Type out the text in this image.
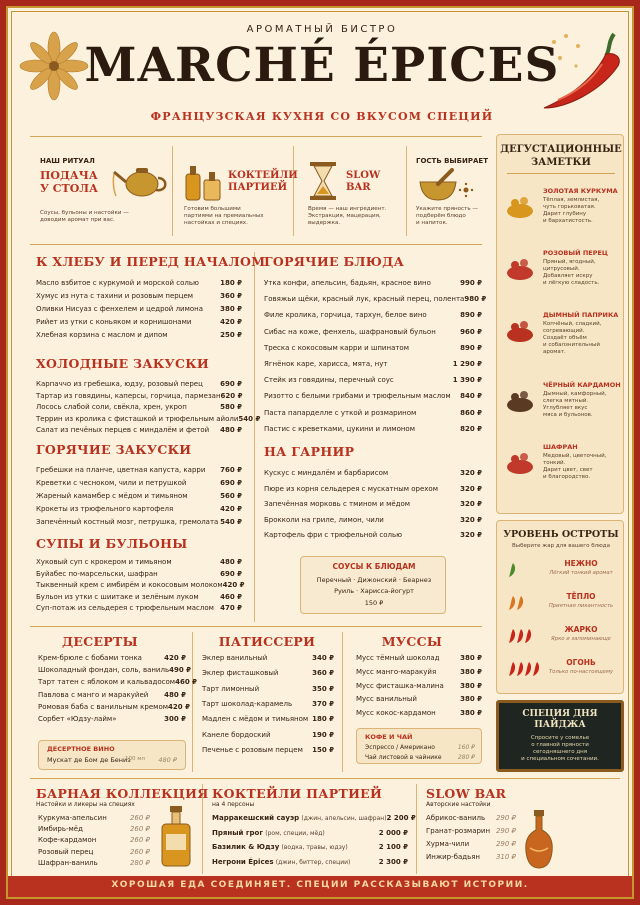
АРОМАТНЫЙ БИСТРО
MARCHÉ ÉPICES
ФРАНЦУЗСКАЯ КУХНЯ СО ВКУСОМ СПЕЦИЙ
НАШ РИТУАЛ
ПОДАЧА
У СТОЛА
Соусы, бульоны и настойки —
доводим аромат при вас.
КОКТЕЙЛИ
ПАРТИЕЙ
Готовим большими
партиями на премиальных
настойках и специях.
SLOW
BAR
Время — наш ингредиент.
Экстракция, мацерация,
выдержка.
ГОСТЬ ВЫБИРАЕТ
Укажите пряность —
подберём блюдо
и напиток.
К ХЛЕБУ И ПЕРЕД НАЧАЛОМ
Масло взбитое с куркумой и морской солью	180 ₽
Хумус из нута с тахини и розовым перцем	360 ₽
Оливки Нисуаз с фенхелем и цедрой лимона 380 ₽
Рийет из утки с коньяком и корнишонами	420 ₽
Хлебная корзина с маслом и дипом	250 ₽
ХОЛОДНЫЕ ЗАКУСКИ
Карпаччо из гребешка, юдзу, розовый перец 690 ₽
Тартар из говядины, каперсы, горчица, пармезан 620 ₽
Лосось слабой соли, свёкла, хрен, укроп	580 ₽
Террин из кролика с фисташкой и трюфельным айоли 540 ₽
Салат из печёных перцев с миндалём и фетой 480 ₽
ГОРЯЧИЕ ЗАКУСКИ
Гребешки на планче, цветная капуста, карри 760 ₽
Креветки с чесноком, чили и петрушкой	690 ₽
Жареный камамбер с мёдом и тимьяном	560 ₽
Крокеты из трюфельного картофеля	420 ₽
Запечённый костный мозг, петрушка, гремолата 540 ₽
СУПЫ И БУЛЬОНЫ
Хуковый суп с крокером и тимьяном	480 ₽
Буйабес по-марсельски, шафран	690 ₽
Тыквенный крем с имбирём и кокосовым молоком 420 ₽
Бульон из утки с шиитаке и зелёным луком	460 ₽
Суп-потаж из сельдерея с трюфельным маслом 470 ₽
ГОРЯЧИЕ БЛЮДА
Утка конфи, апельсин, бадьян, красное вино	990 ₽
Говяжьи щёки, красный лук, красный перец, полента 980 ₽
Филе кролика, горчица, тархун, белое вино	890 ₽
Сибас на коже, фенхель, шафрановый бульон	960 ₽
Треска с кокосовым карри и шпинатом	890 ₽
Ягнёнок каре, харисса, мята, нут	1 290 ₽
Стейк из говядины, перечный соус	1 390 ₽
Ризотто с белыми грибами и трюфельным маслом 840 ₽
Паста папарделле с уткой и розмарином	860 ₽
Пастис с креветками, цукини и лимоном	820 ₽
НА ГАРНИР
Кускус с миндалём и барбарисом	320 ₽
Пюре из корня сельдерея с мускатным орехом	320 ₽
Запечённая морковь с тмином и мёдом	320 ₽
Брокколи на гриле, лимон, чили	320 ₽
Картофель фри с трюфельной солью	320 ₽
СОУСЫ К БЛЮДАМ
Перечный · Дижонский · Беарнез
Руиль · Харисса-йогурт
150 ₽
ДЕГУСТАЦИОННЫЕ
ЗАМЕТКИ
ЗОЛОТАЯ КУРКУМА
Тёплая, землистая,
чуть горьковатая.
Дарит глубину
и бархатистость.
РОЗОВЫЙ ПЕРЕЦ
Пряный, ягодный,
цитрусовый.
Добавляет искру
и лёгкую сладость.
ДЫМНЫЙ ПАПРИКА
Копчёный, сладкий,
согревающий.
Создаёт объём
и собалзнительный
аромат.
ЧЁРНЫЙ КАРДАМОН
Дымный, камфорный,
слегка мятный.
Углубляет вкус
мяса и бульонов.
ШАФРАН
Медовый, цветочный,
тонкий.
Дарит цвет, свет
и благородство.
УРОВЕНЬ ОСТРОТЫ
Выберите жар для вашего блюда
НЕЖНО
Лёгкий тонкий аромат
ТЁПЛО
Приятная пикантность
ЖАРКО
Ярко и запоминающе
ОГОНЬ
Только по-настоящему
СПЕЦИЯ ДНЯ
ПАЙДЖА
Спросите у сомелье
о главной пряности
сегодняшнего дня
и специальном сочетании.
ДЕСЕРТЫ
Крем-брюле с бобами тонка	420 ₽
Шоколадный фондан, соль, ваниль 490 ₽
Тарт татен с яблоком и кальвадосом 460 ₽
Павлова с манго и маракуйей 480 ₽
Ромовая баба с ванильным кремом 420 ₽
Сорбет «Юдзу-лайм»	300 ₽
ДЕСЕРТНОЕ ВИНО
Мускат де Бом де Бениз
100 мл 480 ₽
ПАТИССЕРИ
Эклер ванильный	340 ₽
Эклер фисташковый	360 ₽
Тарт лимонный	350 ₽
Тарт шоколад-карамель	370 ₽
Мадлен с мёдом и тимьяном 180 ₽
Канеле бордоский	190 ₽
Печенье с розовым перцем 150 ₽
МУССЫ
Мусс тёмный шоколад	380 ₽
Мусс манго-маракуйя	380 ₽
Мусс фисташка-малина 380 ₽
Мусс ванильный	380 ₽
Мусс кокос-кардамон	380 ₽
КОФЕ И ЧАЙ
Эспрессо / Американо	160 ₽
Чай листовой в чайнике	280 ₽
БАРНАЯ КОЛЛЕКЦИЯ
Настойки и ликеры на специях
Куркума-апельсин	260 ₽
Имбирь-мёд	260 ₽
Кофе-кардамон	260 ₽
Розовый перец	260 ₽
Шафран-ваниль	280 ₽
КОКТЕЙЛИ ПАРТИЕЙ
на 4 персоны
Марракешский сауэр (джин, апельсин, шафран) 2 200 ₽
Пряный грог (ром, специи, мёд)	2 000 ₽
Базилик & Юдзу (водка, травы, юдзу)	2 100 ₽
Негрони Épices (джин, биттер, специи)	2 300 ₽
SLOW BAR
Авторские настойки
Абрикос-ваниль 290 ₽
Гранат-розмарин 290 ₽
Хурма-чили	290 ₽
Инжир-бадьян 310 ₽
ХОРОШАЯ ЕДА СОЕДИНЯЕТ. СПЕЦИИ РАССКАЗЫВАЮТ ИСТОРИИ.
